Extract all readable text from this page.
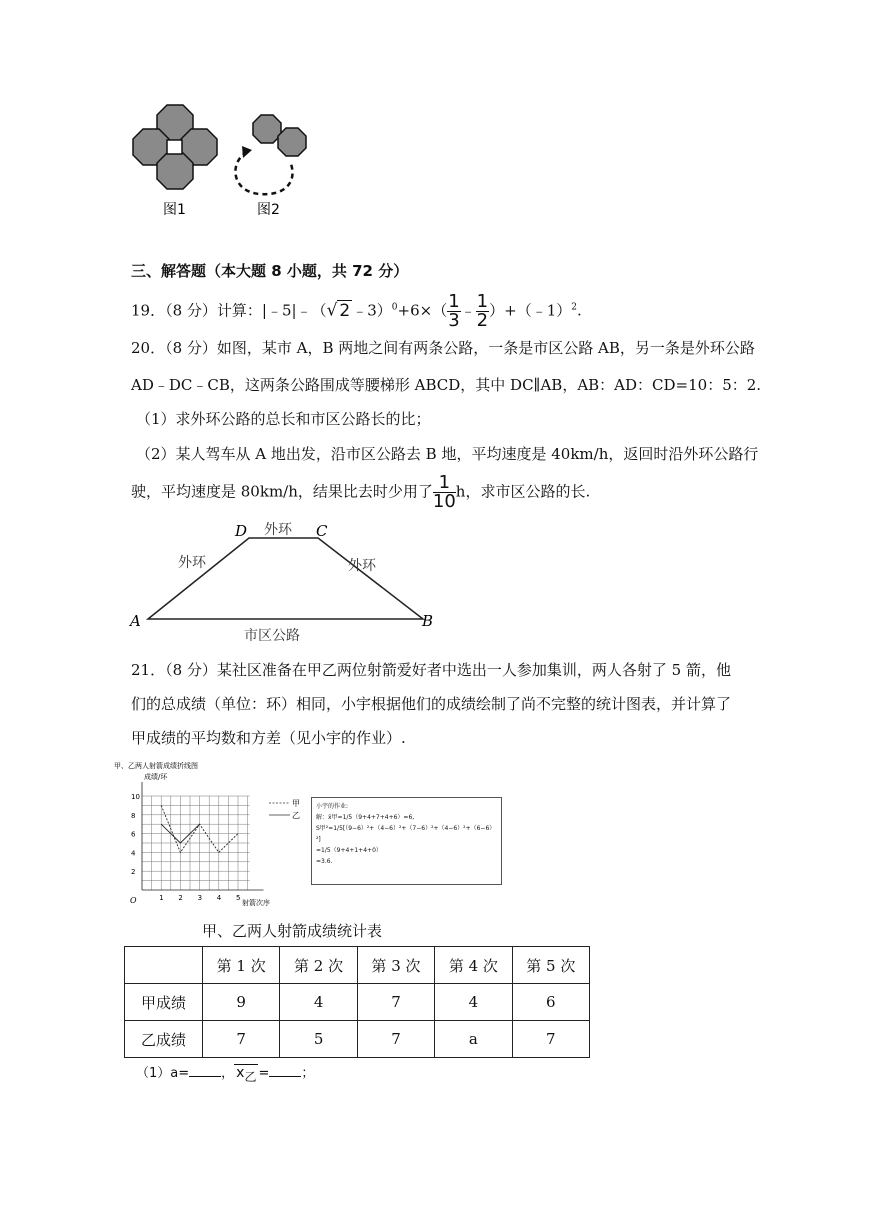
图1	图2
三、解答题（本大题 8 小题，共 72 分）
19．（8 分）计算：|﹣5|﹣（√ 2 ﹣3）$^0$+6×（ $\frac{1}{3}$ ﹣ $\frac{1}{2}$ ）+（﹣1）$^2$.
20．（8 分）如图，某市 A，B 两地之间有两条公路，一条是市区公路 AB，另一条是外环公路
AD﹣DC﹣CB，这两条公路围成等腰梯形 ABCD，其中 DC∥AB，AB：AD：CD=10：5：2.
（1）求外环公路的总长和市区公路长的比；
（2）某人驾车从 A 地出发，沿市区公路去 B 地，平均速度是 40km/h，返回时沿外环公路行
驶，平均速度是 80km/h，结果比去时少用了 $\frac{1}{10}$ h，求市区公路的长.
A	B
C
D 外环
外环	外环
市区公路
21．（8 分）某社区准备在甲乙两位射箭爱好者中选出一人参加集训，两人各射了 5 箭，他
们的总成绩（单位：环）相同，小宇根据他们的成绩绘制了尚不完整的统计图表，并计算了
甲成绩的平均数和方差（见小宇的作业）.
甲、乙两人射箭成绩折线图
成绩/环
2
4
6
8
10
1 2 3 4 5
O	射箭次序
甲
乙
小宇的作业:
解：x̄甲=1/5（9+4+7+4+6）=6,
S甲²=1/5[（9−6）²+（4−6）²+（7−6）²+（4−6）²+（6−6）²]
=1/5（9+4+1+4+0）
=3.6.
甲、乙两人射箭成绩统计表
	第 1 次	第 2 次	第 3 次	第 4 次	第 5 次
甲成绩	9	4	7	4	6
乙成绩	7	5	7	a	7
（1）a= ， $x_乙$ = ；
